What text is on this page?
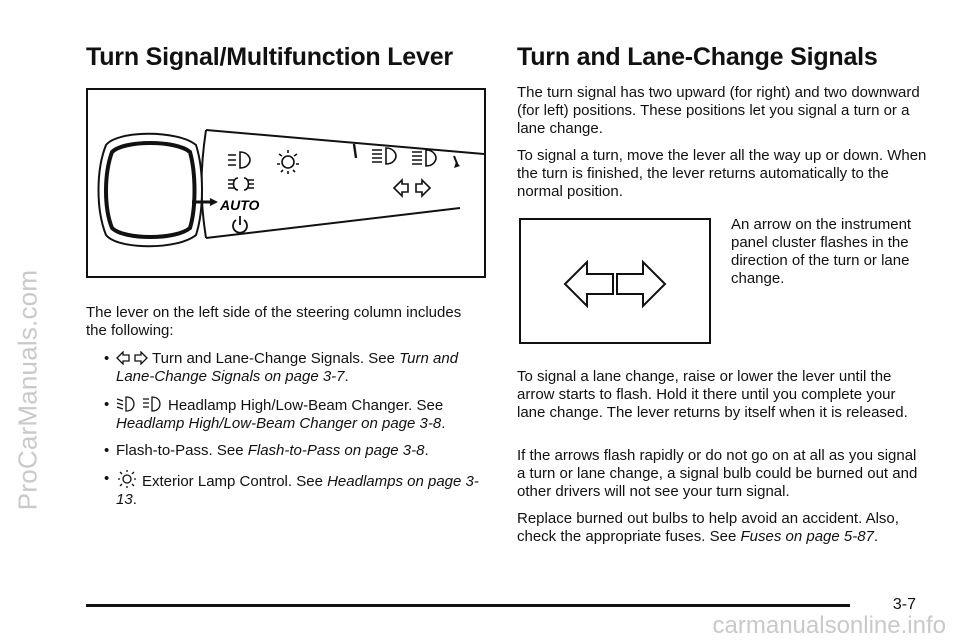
ProCarManuals.com
carmanualsonline.info
Turn Signal/Multifunction Lever	Turn and Lane-Change Signals
AUTO

The lever on the left side of the steering column includes the following:

•	Turn and Lane-Change Signals. See Turn and Lane-Change Signals on page 3-7.
•	Headlamp High/Low-Beam Changer. See Headlamp High/Low-Beam Changer on page 3-8.
• Flash-to-Pass. See Flash-to-Pass on page 3-8.
•	Exterior Lamp Control. See Headlamps on page 3-13.

The turn signal has two upward (for right) and two downward (for left) positions. These positions let you signal a turn or a lane change.

To signal a turn, move the lever all the way up or down. When the turn is finished, the lever returns automatically to the normal position.

An arrow on the instrument panel cluster flashes in the direction of the turn or lane change.

To signal a lane change, raise or lower the lever until the arrow starts to flash. Hold it there until you complete your lane change. The lever returns by itself when it is released.

If the arrows flash rapidly or do not go on at all as you signal a turn or lane change, a signal bulb could be burned out and other drivers will not see your turn signal.

Replace burned out bulbs to help avoid an accident. Also, check the appropriate fuses. See Fuses on page 5-87.

3-7
